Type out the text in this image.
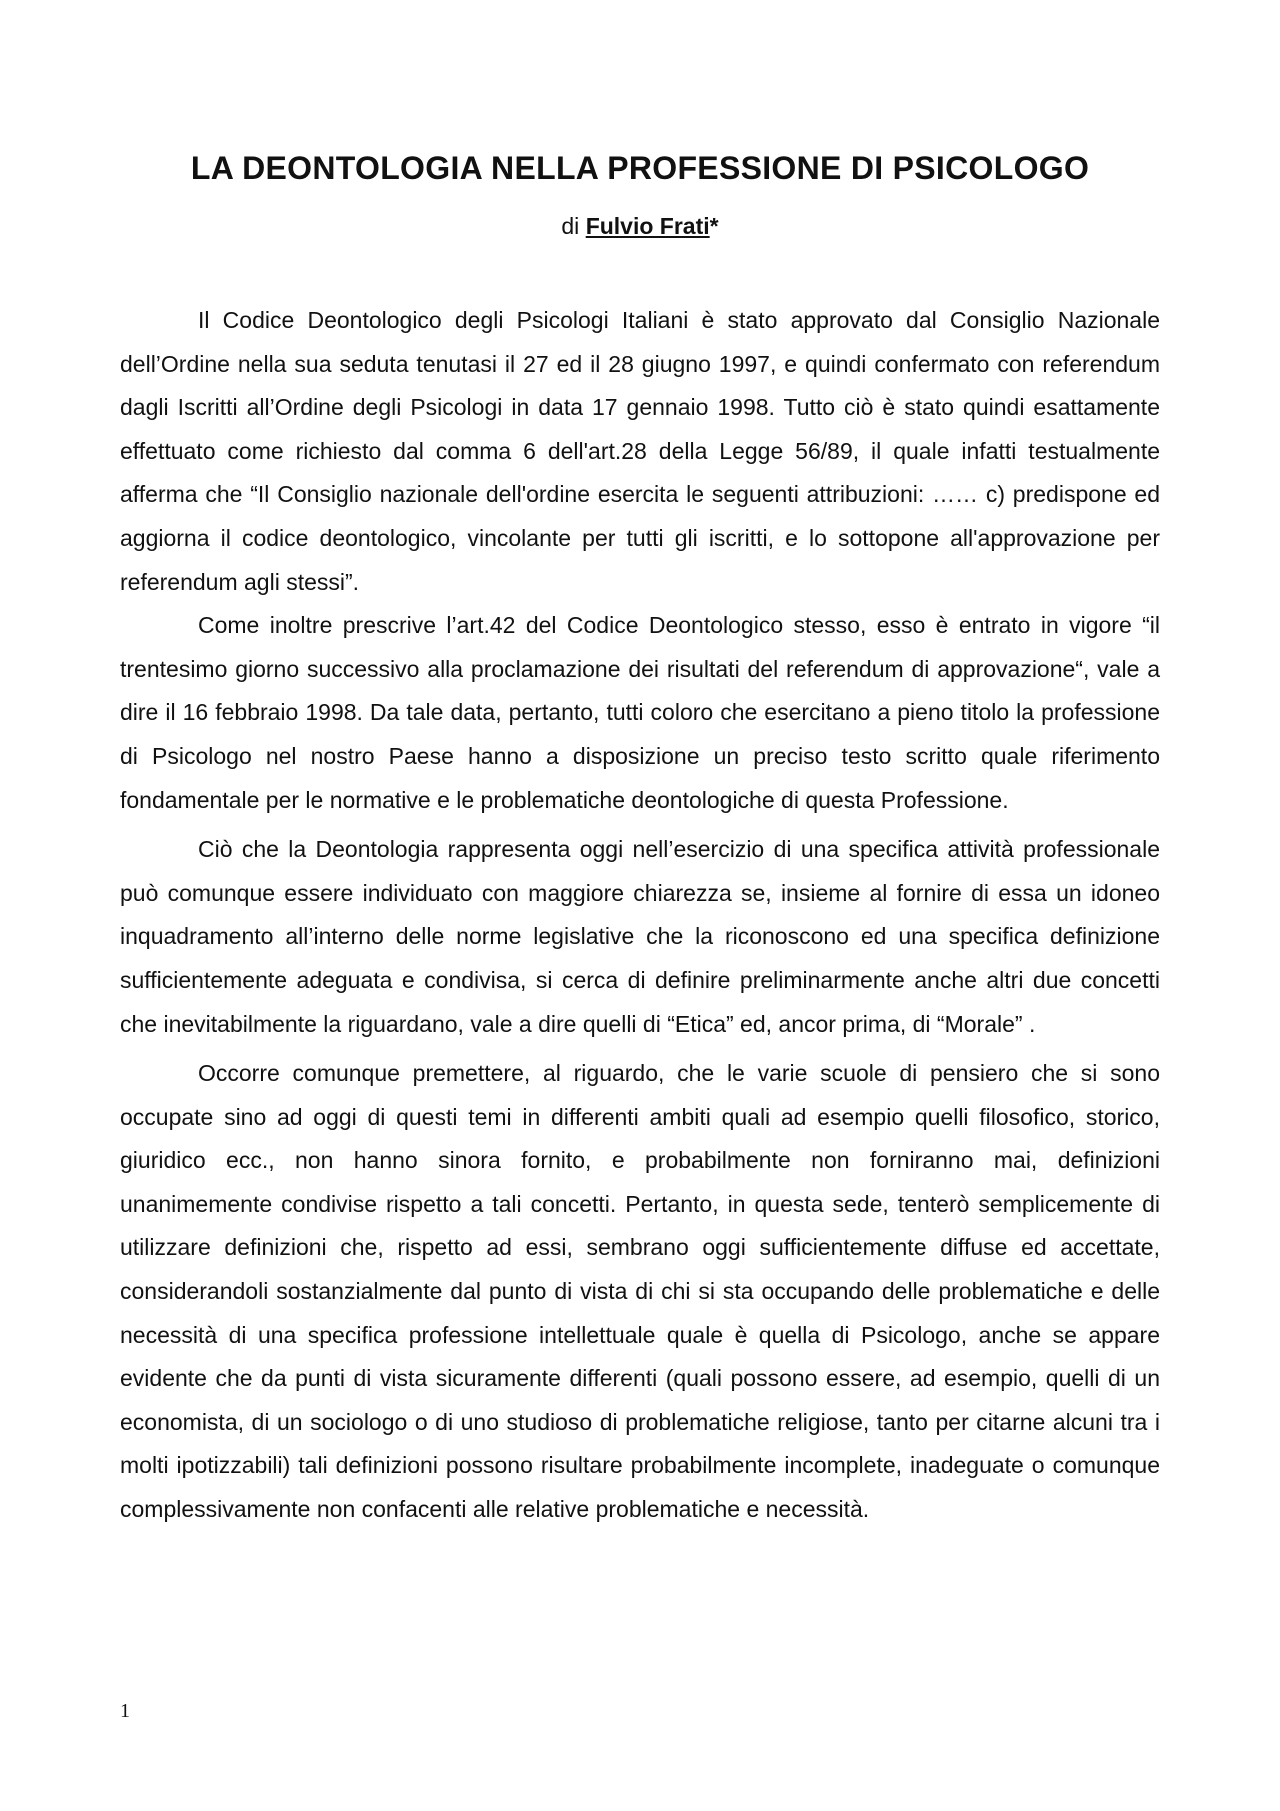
LA DEONTOLOGIA NELLA PROFESSIONE DI PSICOLOGO

di Fulvio Frati*

Il Codice Deontologico degli Psicologi Italiani è stato approvato dal Consiglio Nazionale dell’Ordine nella sua seduta tenutasi il 27 ed il 28 giugno 1997, e quindi confermato con referendum dagli Iscritti all’Ordine degli Psicologi in data 17 gennaio 1998. Tutto ciò è stato quindi esattamente effettuato come richiesto dal comma 6 dell'art.28 della Legge 56/89, il quale infatti testualmente afferma che “Il Consiglio nazionale dell'ordine esercita le seguenti attribuzioni: …… c) predispone ed aggiorna il codice deontologico, vincolante per tutti gli iscritti, e lo sottopone all'approvazione per referendum agli stessi”.

Come inoltre prescrive l’art.42 del Codice Deontologico stesso, esso è entrato in vigore “il trentesimo giorno successivo alla proclamazione dei risultati del referendum di approvazione“, vale a dire il 16 febbraio 1998. Da tale data, pertanto, tutti coloro che esercitano a pieno titolo la professione di Psicologo nel nostro Paese hanno a disposizione un preciso testo scritto quale riferimento fondamentale per le normative e le problematiche deontologiche di questa Professione.

Ciò che la Deontologia rappresenta oggi nell’esercizio di una specifica attività professionale può comunque essere individuato con maggiore chiarezza se, insieme al fornire di essa un idoneo inquadramento all’interno delle norme legislative che la riconoscono ed una specifica definizione sufficientemente adeguata e condivisa, si cerca di definire preliminarmente anche altri due concetti che inevitabilmente la riguardano, vale a dire quelli di “Etica” ed, ancor prima, di “Morale” .

Occorre comunque premettere, al riguardo, che le varie scuole di pensiero che si sono occupate sino ad oggi di questi temi in differenti ambiti quali ad esempio quelli filosofico, storico, giuridico ecc., non hanno sinora fornito, e probabilmente non forniranno mai, definizioni unanimemente condivise rispetto a tali concetti. Pertanto, in questa sede, tenterò semplicemente di utilizzare definizioni che, rispetto ad essi, sembrano oggi sufficientemente diffuse ed accettate, considerandoli sostanzialmente dal punto di vista di chi si sta occupando delle problematiche e delle necessità di una specifica professione intellettuale quale è quella di Psicologo, anche se appare evidente che da punti di vista sicuramente differenti (quali possono essere, ad esempio, quelli di un economista, di un sociologo o di uno studioso di problematiche religiose, tanto per citarne alcuni tra i molti ipotizzabili) tali definizioni possono risultare probabilmente incomplete, inadeguate o comunque complessivamente non confacenti alle relative problematiche e necessità.

1
